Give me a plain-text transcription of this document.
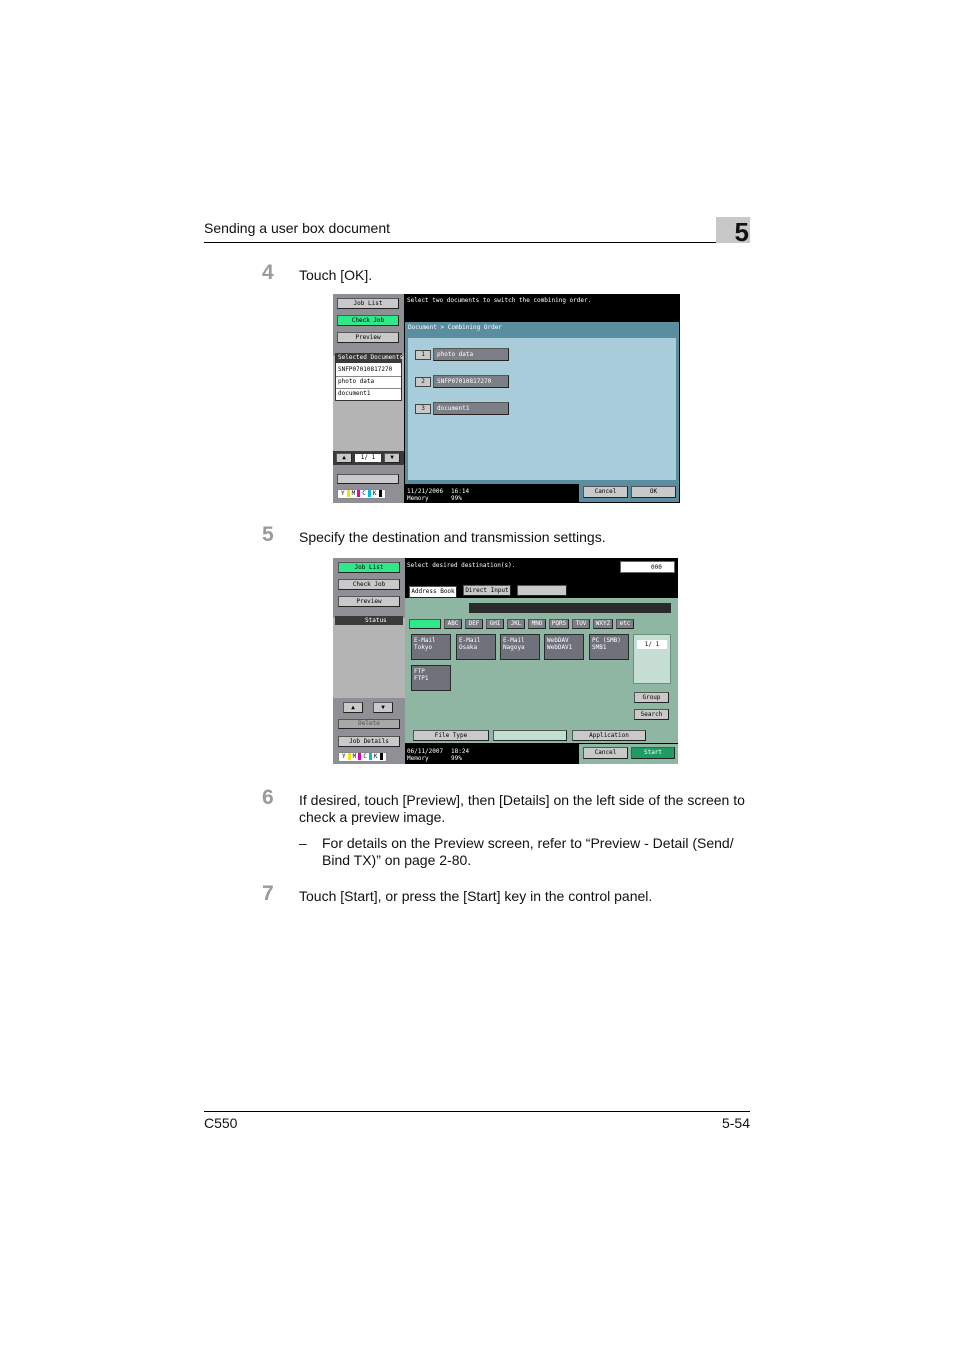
Sending a user box document	5
4 Touch [OK].
Job List
Check Job
Preview
Selected Documents
SNFP07010817270
photo data
document1
▲	1/ 1	▼
Y M C K
Select two documents to switch the combining order.
Document > Combining Order
1	photo data
2	SNFP07010817270
3	document1
11/21/2006 16:14
Memory	99%
Cancel	OK
5 Specify the destination and transmission settings.
Job List
Check Job
Preview
Status
▲	▼
Delete
Job Details
Y M C K
Select desired destination(s).	000
Address Book	Direct Input
ABC	DEF	GHI	JKL	MNO	PQRS	TUV	WXYZ	etc
E-Mail
Tokyo
E-Mail
Osaka
E-Mail
Nagoya
WebDAV
WebDAV1
PC (SMB)
SMB1
FTP
FTP1
1/ 1
Group
Search
File Type	Application
06/11/2007 18:24
Memory	99%
Cancel	Start
6 If desired, touch [Preview], then [Details] on the left side of the screen to check a preview image.
– For details on the Preview screen, refer to “Preview - Detail (Send/ Bind TX)” on page 2-80.
7 Touch [Start], or press the [Start] key in the control panel.
C550	5-54
